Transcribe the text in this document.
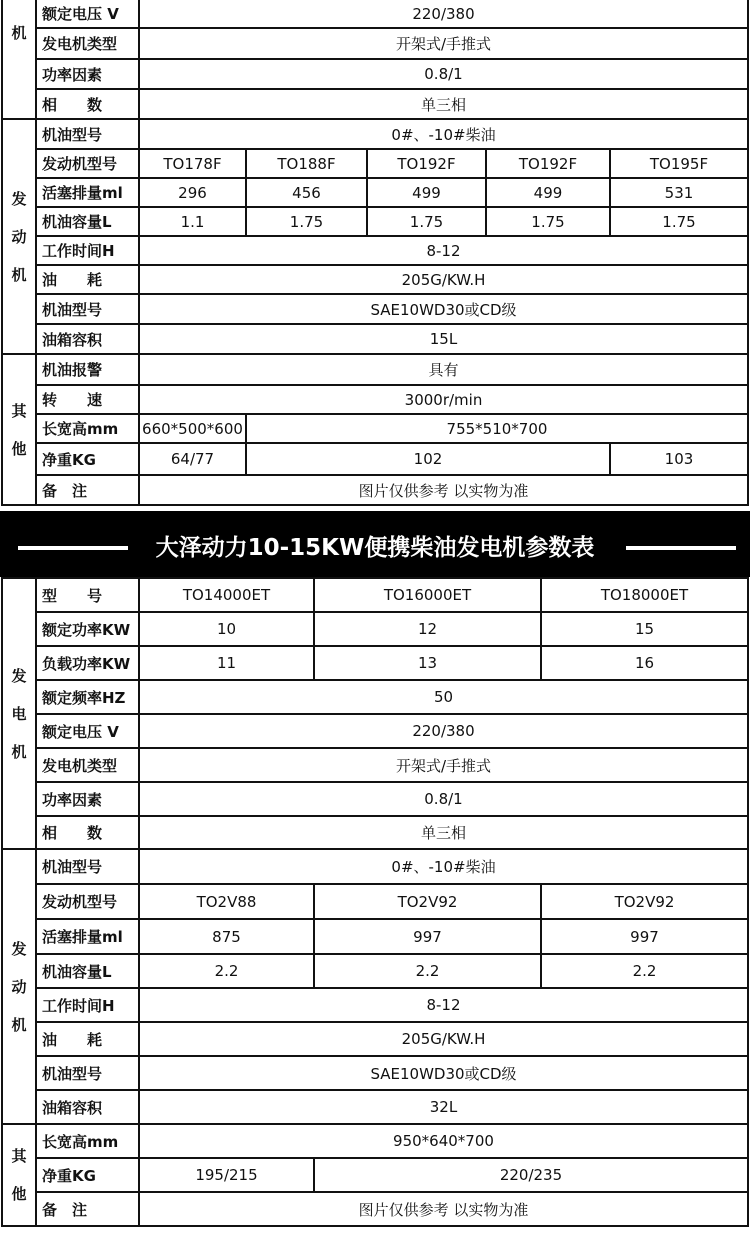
机	额定电压 V	220/380				
	发电机类型	开架式/手推式				
	功率因素	0.8/1				
	相　　数	单三相				

发
动
机	机油型号	0#、-10#柴油				
	发动机型号	TO178F	TO188F	TO192F	TO192F	TO195F
	活塞排量ml	296	456	499	499	531
	机油容量L	1.1	1.75	1.75	1.75	1.75
	工作时间H	8-12				
	油　　耗	205G/KW.H				
	机油型号	SAE10WD30或CD级				
	油箱容积	15L				

其
他	机油报警	具有				
	转　　速	3000r/min				
	长宽高mm	660*500*600	755*510*700			
	净重KG	64/77	102			103
	备　注	图片仅供参考 以实物为准				
大泽动力10-15KW便携柴油发电机参数表
发
电
机	型　　号	TO14000ET	TO16000ET	TO18000ET
	额定功率KW	10	12	15
	负载功率KW	11	13	16
	额定频率HZ	50		
	额定电压 V	220/380		
	发电机类型	开架式/手推式		
	功率因素	0.8/1		
	相　　数	单三相		

发
动
机	机油型号	0#、-10#柴油		
	发动机型号	TO2V88	TO2V92	TO2V92
	活塞排量ml	875	997	997
	机油容量L	2.2	2.2	2.2
	工作时间H	8-12		
	油　　耗	205G/KW.H		
	机油型号	SAE10WD30或CD级		
	油箱容积	32L		

其
他	长宽高mm	950*640*700		
	净重KG	195/215	220/235	
	备　注	图片仅供参考 以实物为准		
